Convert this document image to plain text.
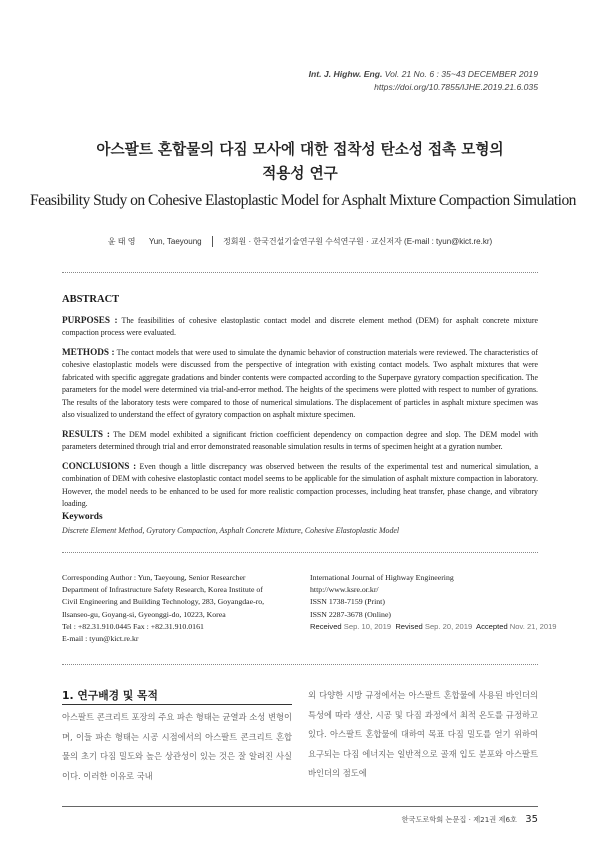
Int. J. Highw. Eng. Vol. 21 No. 6 : 35~43 DECEMBER 2019
https://doi.org/10.7855/IJHE.2019.21.6.035
아스팔트 혼합물의 다짐 모사에 대한 접착성 탄소성 접촉 모형의
적용성 연구
Feasibility Study on Cohesive Elastoplastic Model for Asphalt Mixture Compaction Simulation
윤 태 영 Yun, Taeyoung	정회원 · 한국건설기술연구원 수석연구원 · 교신저자 (E-mail : tyun@kict.re.kr)
ABSTRACT
PURPOSES : The feasibilities of cohesive elastoplastic contact model and discrete element method (DEM) for asphalt concrete mixture compaction process were evaluated.
METHODS : The contact models that were used to simulate the dynamic behavior of construction materials were reviewed. The characteristics of cohesive elastoplastic models were discussed from the perspective of integration with existing contact models. Two asphalt mixtures that were fabricated with specific aggregate gradations and binder contents were compacted according to the Superpave gyratory compaction specification. The parameters for the model were determined via trial-and-error method. The heights of the specimens were plotted with respect to number of gyrations. The results of the laboratory tests were compared to those of numerical simulations. The displacement of particles in asphalt mixture specimen was also visualized to understand the effect of gyratory compaction on asphalt mixture specimen.
RESULTS : The DEM model exhibited a significant friction coefficient dependency on compaction degree and slop. The DEM model with parameters determined through trial and error demonstrated reasonable simulation results in terms of specimen height at a gyration number.
CONCLUSIONS : Even though a little discrepancy was observed between the results of the experimental test and numerical simulation, a combination of DEM with cohesive elastoplastic contact model seems to be applicable for the simulation of asphalt mixture compaction in laboratory. However, the model needs to be enhanced to be used for more realistic compaction processes, including heat transfer, phase change, and vibratory loading.
Keywords
Discrete Element Method, Gyratory Compaction, Asphalt Concrete Mixture, Cohesive Elastoplastic Model
Corresponding Author : Yun, Taeyoung, Senior Researcher
Department of Infrastructure Safety Research, Korea Institute of
Civil Engineering and Building Technology, 283, Goyangdae-ro,
Ilsanseo-gu, Goyang-si, Gyeonggi-do, 10223, Korea
Tel : +82.31.910.0445 Fax : +82.31.910.0161
E-mail : tyun@kict.re.kr
International Journal of Highway Engineering
http://www.ksre.or.kr/
ISSN 1738-7159 (Print)
ISSN 2287-3678 (Online)
Received Sep. 10, 2019 Revised Sep. 20, 2019 Accepted Nov. 21, 2019
1. 연구배경 및 목적
아스팔트 콘크리트 포장의 주요 파손 형태는 균열과 소성 변형이며, 이들 파손 형태는 시공 시점에서의 아스팔트 콘크리트 혼합물의 초기 다짐 밀도와 높은 상관성이 있는 것은 잘 알려진 사실이다. 이러한 이유로 국내
외 다양한 시방 규정에서는 아스팔트 혼합물에 사용된 바인더의 특성에 따라 생산, 시공 및 다짐 과정에서 최적 온도를 규정하고 있다. 아스팔트 혼합물에 대하여 목표 다짐 밀도를 얻기 위하여 요구되는 다짐 에너지는 일반적으로 골재 입도 분포와 아스팔트 바인더의 점도에
한국도로학회 논문집 · 제21권 제6호 35
